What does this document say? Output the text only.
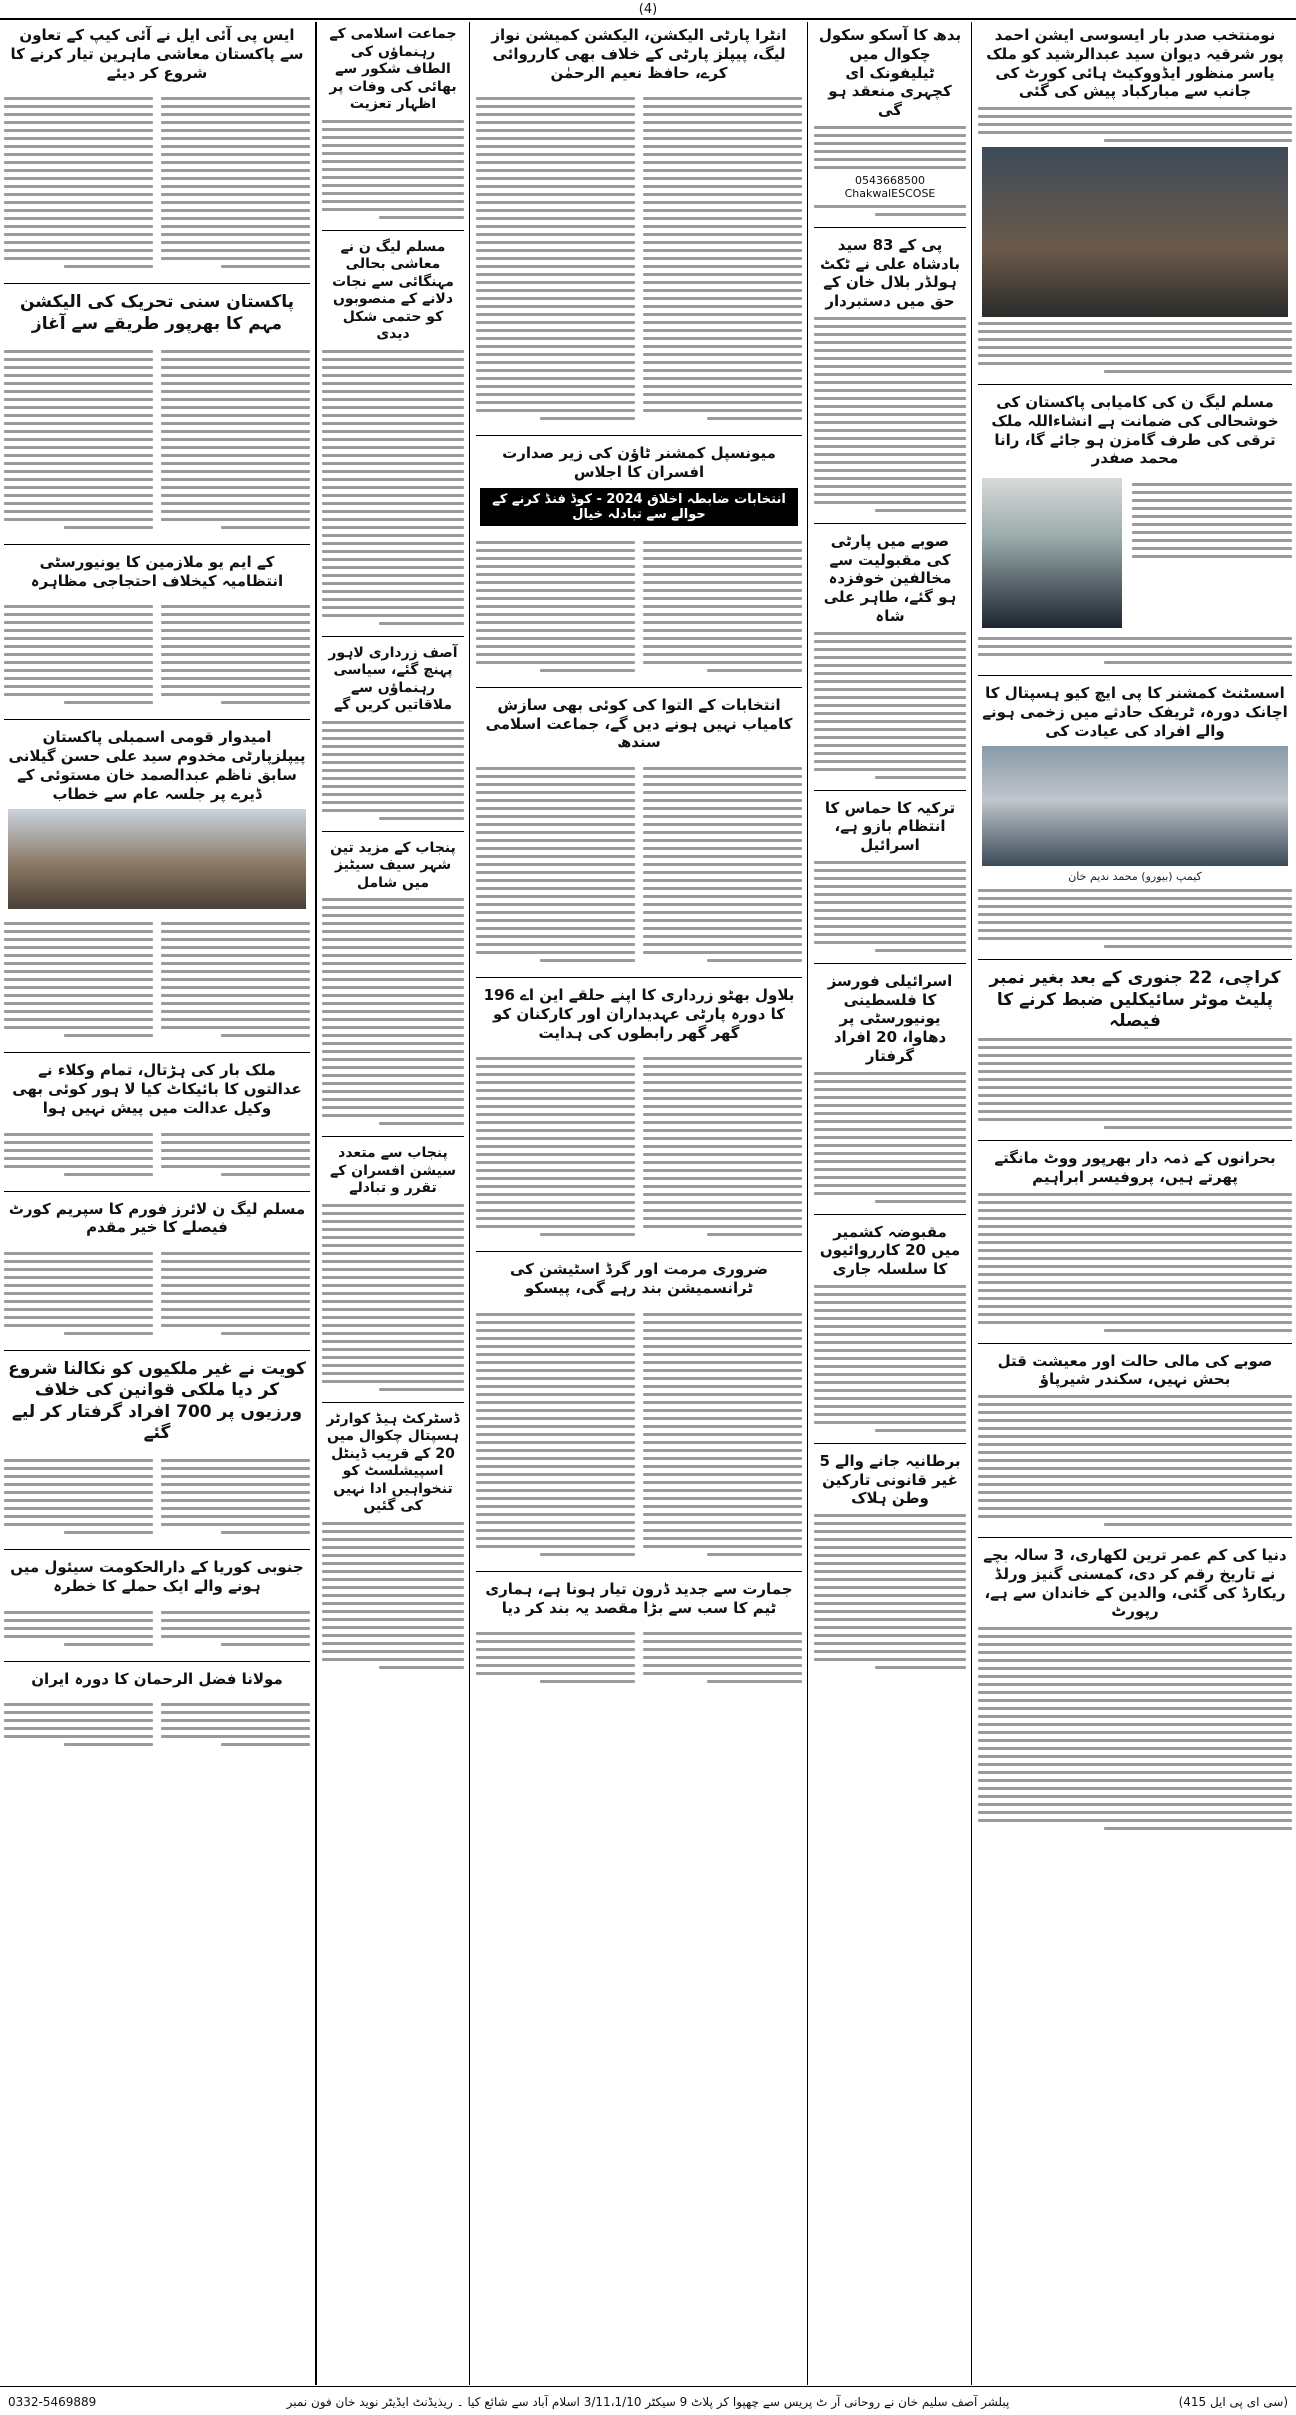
(4)
نومنتخب صدر بار ایسوسی ایشن احمد پور شرقیہ دیوان سید عبدالرشید کو ملک یاسر منظور ایڈووکیٹ ہائی کورٹ کی جانب سے مبارکباد پیش کی گئی
مسلم لیگ ن کی کامیابی پاکستان کی خوشحالی کی ضمانت ہے انشاءاللہ ملک ترقی کی طرف گامزن ہو جائے گا، رانا محمد صفدر
اسسٹنٹ کمشنر کا پی ایچ کیو ہسپتال کا اچانک دورہ، ٹریفک حادثے میں زخمی ہونے والے افراد کی عیادت کی
کیمپ (بیورو) محمد ندیم خان
کراچی، 22 جنوری کے بعد بغیر نمبر پلیٹ موٹر سائیکلیں ضبط کرنے کا فیصلہ
بحرانوں کے ذمہ دار بھرپور ووٹ مانگتے پھرتے ہیں، پروفیسر ابراہیم
صوبے کی مالی حالت اور معیشت قتل بحش نہیں، سکندر شیرپاؤ
دنیا کی کم عمر ترین لکھاری، 3 سالہ بچے نے تاریخ رقم کر دی، کمسنی گنیز ورلڈ ریکارڈ کی گئی، والدین کے خاندان سے ہے، رپورٹ
بدھ کا آسکو سکول چکوال میں ٹیلیفونک ای کچہری منعقد ہو گی
0543668500
ChakwalESCOSE
پی کے 83 سید بادشاہ علی نے ٹکٹ ہولڈر بلال خان کے حق میں دستبردار
صوبے میں پارٹی کی مقبولیت سے مخالفین خوفزدہ ہو گئے، طاہر علی شاہ
ترکیہ کا حماس کا انتظام بازو ہے، اسرائیل
اسرائیلی فورسز کا فلسطینی یونیورسٹی پر دھاوا، 20 افراد گرفتار
مقبوضہ کشمیر میں 20 کارروائیوں کا سلسلہ جاری
برطانیہ جانے والے 5 غیر قانونی تارکین وطن ہلاک
انٹرا پارٹی الیکشن، الیکشن کمیشن نواز لیگ، پیپلز پارٹی کے خلاف بھی کارروائی کرے، حافظ نعیم الرحمٰن
میونسپل کمشنر ٹاؤن کی زیر صدارت افسران کا اجلاس
انتخابات ضابطہ اخلاق 2024 - کوڈ فنڈ کرنے کے حوالے سے تبادلہ خیال
انتخابات کے التوا کی کوئی بھی سازش کامیاب نہیں ہونے دیں گے، جماعت اسلامی سندھ
بلاول بھٹو زرداری کا اپنے حلقے این اے 196 کا دورہ پارٹی عہدیداران اور کارکنان کو گھر گھر رابطوں کی ہدایت
ضروری مرمت اور گرڈ اسٹیشن کی ٹرانسمیشن بند رہے گی، پیسکو
جمارت سے جدید ڈرون تیار ہونا ہے، ہماری ٹیم کا سب سے بڑا مقصد یہ بند کر دیا
جماعت اسلامی کے رہنماؤں کی الطاف شکور سے بھائی کی وفات پر اظہار تعزیت
مسلم لیگ ن نے معاشی بحالی مہنگائی سے نجات دلانے کے منصوبوں کو حتمی شکل دیدی
آصف زرداری لاہور پہنچ گئے، سیاسی رہنماؤں سے ملاقاتیں کریں گے
پنجاب کے مزید تین شہر سیف سیٹیز میں شامل
پنجاب سے متعدد سیشن افسران کے تقرر و تبادلے
ڈسٹرکٹ ہیڈ کوارٹر ہسپتال چکوال میں 20 کے قریب ڈینٹل اسپیشلسٹ کو تنخواہیں ادا نہیں کی گئیں
ایس پی آئی ایل نے آئی کیپ کے تعاون سے پاکستان معاشی ماہرین تیار کرنے کا شروع کر دیئے
پاکستان سنی تحریک کی الیکشن مہم کا بھرپور طریقے سے آغاز
کے ایم یو ملازمین کا یونیورسٹی انتظامیہ کیخلاف احتجاجی مظاہرہ
امیدوار قومی اسمبلی پاکستان پیپلزپارٹی مخدوم سید علی حسن گیلانی سابق ناظم عبدالصمد خان مستوئی کے ڈیرے پر جلسہ عام سے خطاب
ملک بار کی ہڑتال، تمام وکلاء نے عدالتوں کا بائیکاٹ کیا لا ہور کوئی بھی وکیل عدالت میں پیش نہیں ہوا
مسلم لیگ ن لائرز فورم کا سپریم کورٹ فیصلے کا خیر مقدم
کویت نے غیر ملکیوں کو نکالنا شروع کر دیا ملکی قوانین کی خلاف ورزیوں پر 700 افراد گرفتار کر لیے گئے
جنوبی کوریا کے دارالحکومت سیئول میں ہونے والے ایک حملے کا خطرہ
مولانا فضل الرحمان کا دورہ ایران
(سی ای پی ایل 415)
پبلشر آصف سلیم خان نے روحانی آر ٹ پریس سے چھپوا کر پلاٹ 9 سیکٹر 3/11،1/10 اسلام آباد سے شائع کیا ۔ ریذیڈنٹ ایڈیٹر نوید خان فون نمبر
0332-5469889
